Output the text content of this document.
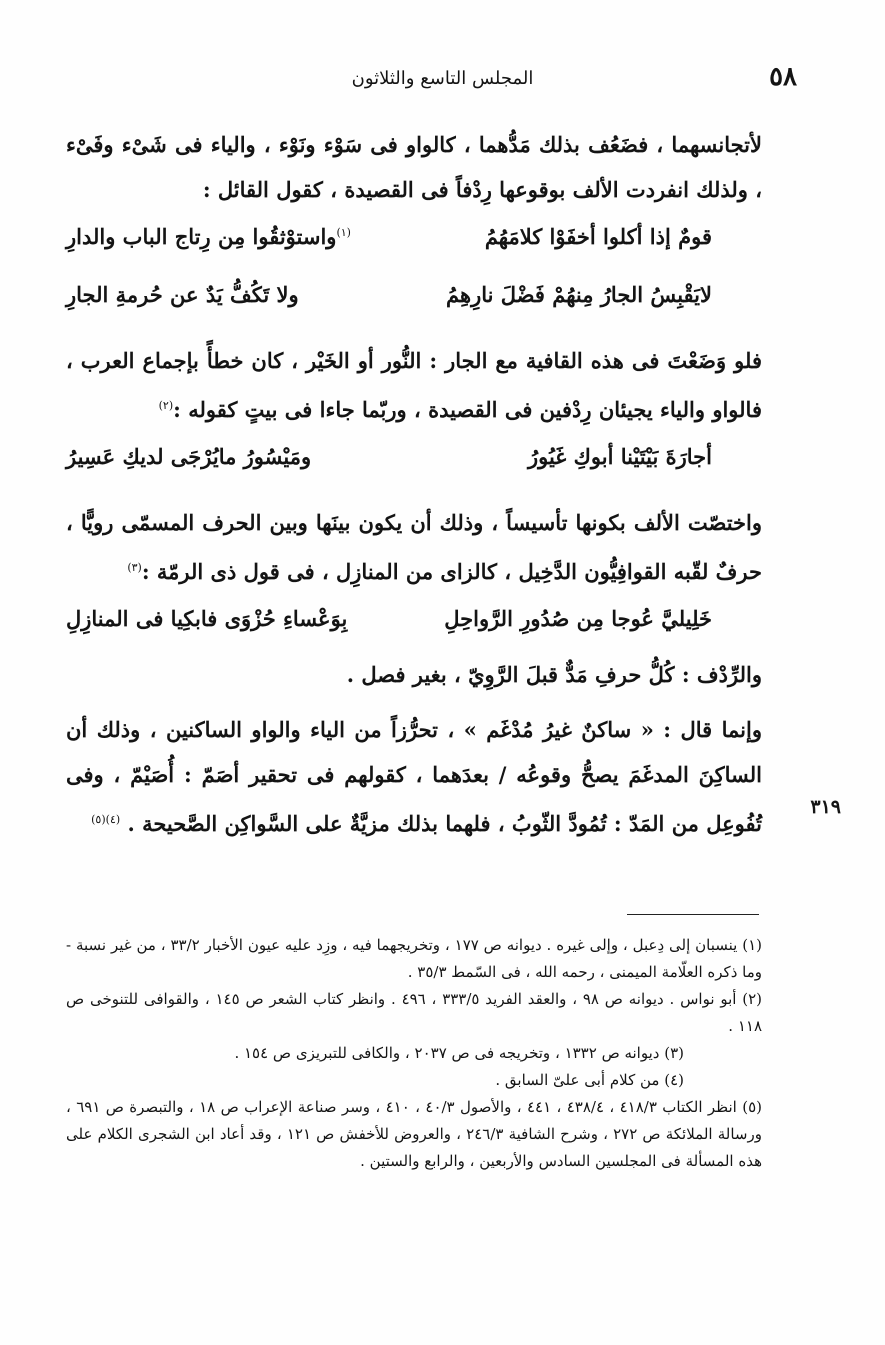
٥٨
المجلس التاسع والثلاثون
٣١٩

لأتجانسهما ، فضَعُف بذلك مَدُّهما ، كالواو فى سَوْء ونَوْء ، والياء فى شَىْء وفَىْء ، ولذلك انفردت الألف بوقوعها رِدْفاً فى القصيدة ، كقول القائل :

قومٌ إذا أكلوا أخفَوْا كلامَهُمُ
$^{(١)}$واستوْثقُوا مِن رِتاج الباب والدارِ
لايَقْبِسُ الجارُ مِنهُمْ فَضْلَ نارِهِمُ
ولا تَكُفُّ يَدٌ عن حُرمةِ الجارِ

فلو وَضَعْتَ فى هذه القافية مع الجار : النُّور أو الخَيْر ، كان خطأً بإجماع العرب ، فالواو والياء يجيئان رِدْفين فى القصيدة ، وربّما جاءا فى بيتٍ كقوله :$^{(٢)}$

أجارَةَ بَيْتَيْنا أبوكِ غَيُورُ
ومَيْسُورُ مايُرْجَى لديكِ عَسِيرُ

واختصّت الألف بكونها تأسيساً ، وذلك أن يكون بينَها وبين الحرف المسمّى رويًّا ، حرفٌ لقّبه القوافِيُّون الدَّخِيل ، كالزاى من المنازِل ، فى قول ذى الرمّة :$^{(٣)}$

خَلِيليَّ عُوجا مِن صُدُورِ الرَّواحِلِ
بِوَعْساءِ حُزْوَى فابكِيا فى المنازِلِ

والرِّدْف : كُلُّ حرفِ مَدٌّ قبلَ الرَّوِيّ ، بغير فصل .

وإنما قال : « ساكنٌ غيرُ مُدْغَم » ، تحرُّزاً من الياء والواو الساكنين ، وذلك أن الساكِنَ المدغَمَ يصحُّ وقوعُه / بعدَهما ، كقولهم فى تحقير أصَمّ : أُصَيْمّ ، وفى تُفُوعِل من المَدّ : تُمُودَّ الثّوبُ ، فلهما بذلك مزيَّةٌ على السَّواكِن الصَّحيحة . $^{(٤)(٥)}$

(١) ينسبان إلى دِعبل ، وإلى غيره . ديوانه ص ١٧٧ ، وتخريجهما فيه ، وزِد عليه عيون الأخبار ٣٣/٢ ، من غير نسبة - وما ذكره العلّامة الميمنى ، رحمه الله ، فى السّمط ٣٥/٣ .

(٢) أبو نواس . ديوانه ص ٩٨ ، والعقد الفريد ٣٣٣/٥ ، ٤٩٦ . وانظر كتاب الشعر ص ١٤٥ ، والقوافى للتنوخى ص ١١٨ .

(٣) ديوانه ص ١٣٣٢ ، وتخريجه فى ص ٢٠٣٧ ، والكافى للتبريزى ص ١٥٤ .

(٤) من كلام أبى علىّ السابق .

(٥) انظر الكتاب ٤١٨/٣ ، ٤٣٨/٤ ، ٤٤١ ، والأصول ٤٠/٣ ، ٤١٠ ، وسر صناعة الإعراب ص ١٨ ، والتبصرة ص ٦٩١ ، ورسالة الملائكة ص ٢٧٢ ، وشرح الشافية ٢٤٦/٣ ، والعروض للأخفش ص ١٢١ ، وقد أعاد ابن الشجرى الكلام على هذه المسألة فى المجلسين السادس والأربعين ، والرابع والستين .
